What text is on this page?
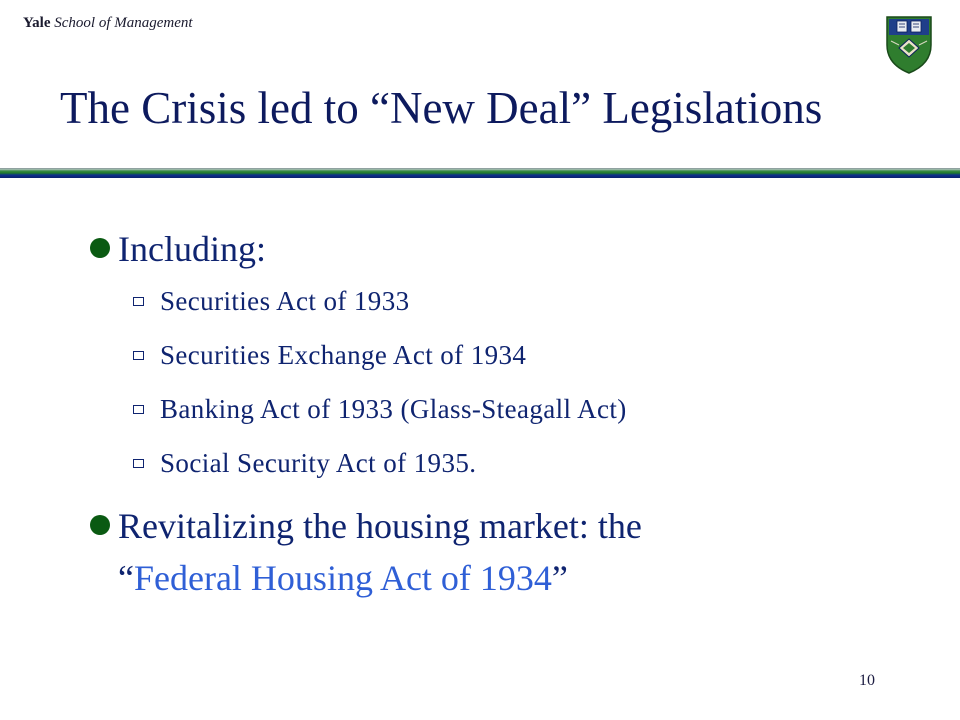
Yale School of Management
The Crisis led to “New Deal” Legislations
Including:
Securities Act of 1933
Securities Exchange Act of 1934
Banking Act of 1933 (Glass-Steagall Act)
Social Security Act of 1935.
Revitalizing the housing market: the
“Federal Housing Act of 1934”
10
